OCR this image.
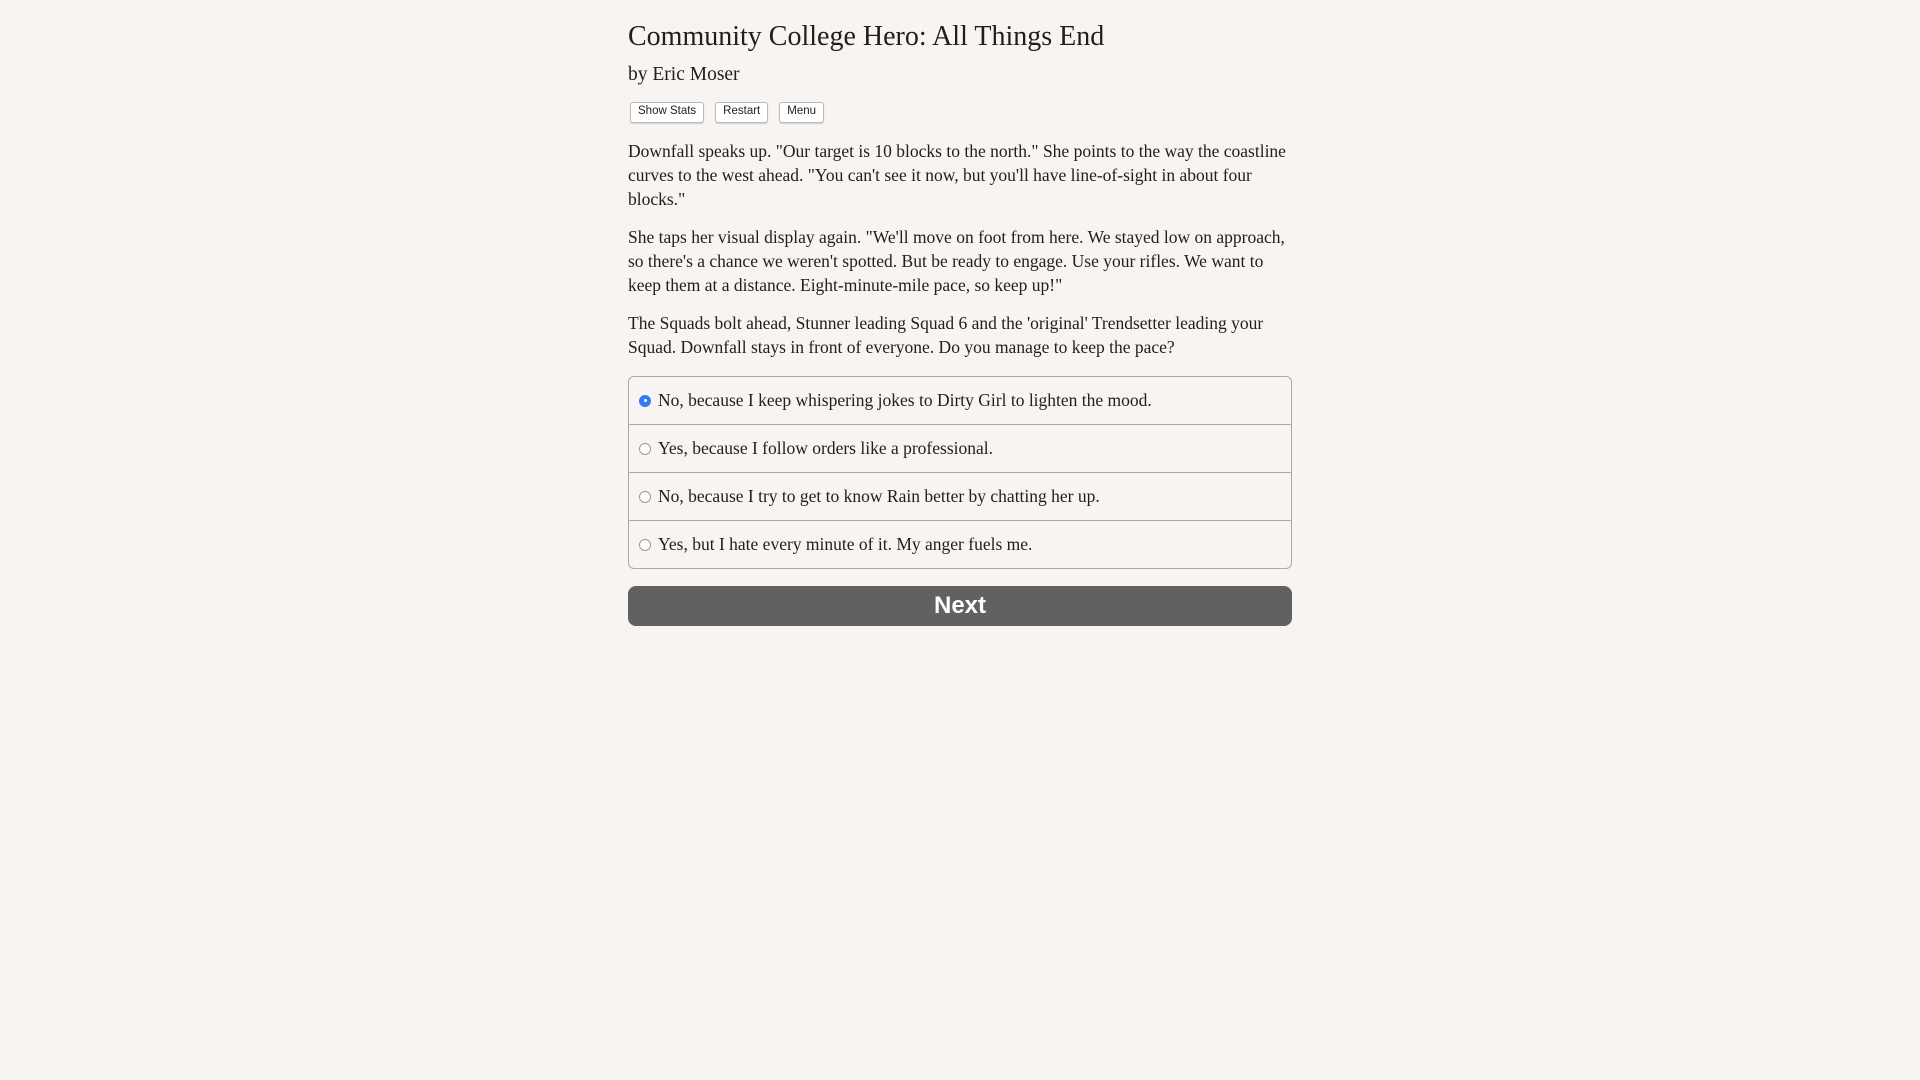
Community College Hero: All Things End
by Eric Moser
Show Stats	Restart	Menu

Downfall speaks up. "Our target is 10 blocks to the north." She points to the way the coastline curves to the west ahead. "You can't see it now, but you'll have line-of-sight in about four blocks."

She taps her visual display again. "We'll move on foot from here. We stayed low on approach, so there's a chance we weren't spotted. But be ready to engage. Use your rifles. We want to keep them at a distance. Eight-minute-mile pace, so keep up!"

The Squads bolt ahead, Stunner leading Squad 6 and the 'original' Trendsetter leading your Squad. Downfall stays in front of everyone. Do you manage to keep the pace?

No, because I keep whispering jokes to Dirty Girl to lighten the mood.
Yes, because I follow orders like a professional.
No, because I try to get to know Rain better by chatting her up.
Yes, but I hate every minute of it. My anger fuels me.
Next
